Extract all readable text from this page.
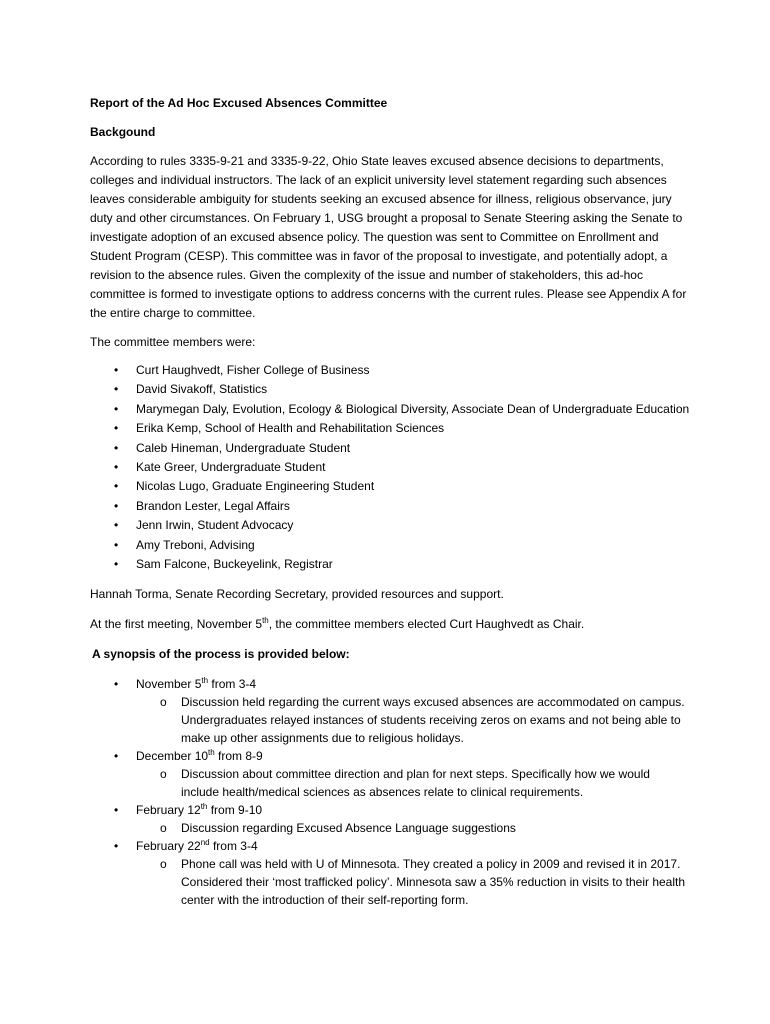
Report of the Ad Hoc Excused Absences Committee

Backgound

According to rules 3335-9-21 and 3335-9-22, Ohio State leaves excused absence decisions to departments, colleges and individual instructors. The lack of an explicit university level statement regarding such absences leaves considerable ambiguity for students seeking an excused absence for illness, religious observance, jury duty and other circumstances. On February 1, USG brought a proposal to Senate Steering asking the Senate to investigate adoption of an excused absence policy. The question was sent to Committee on Enrollment and Student Program (CESP). This committee was in favor of the proposal to investigate, and potentially adopt, a revision to the absence rules. Given the complexity of the issue and number of stakeholders, this ad-hoc committee is formed to investigate options to address concerns with the current rules. Please see Appendix A for the entire charge to committee.

The committee members were:

• Curt Haughvedt, Fisher College of Business
• David Sivakoff, Statistics
• Marymegan Daly, Evolution, Ecology & Biological Diversity, Associate Dean of Undergraduate Education
• Erika Kemp, School of Health and Rehabilitation Sciences
• Caleb Hineman, Undergraduate Student
• Kate Greer, Undergraduate Student
• Nicolas Lugo, Graduate Engineering Student
• Brandon Lester, Legal Affairs
• Jenn Irwin, Student Advocacy
• Amy Treboni, Advising
• Sam Falcone, Buckeyelink, Registrar

Hannah Torma, Senate Recording Secretary, provided resources and support.

At the first meeting, November 5th, the committee members elected Curt Haughvedt as Chair.

A synopsis of the process is provided below:

• November 5th from 3-4
o Discussion held regarding the current ways excused absences are accommodated on campus. Undergraduates relayed instances of students receiving zeros on exams and not being able to make up other assignments due to religious holidays.
• December 10th from 8-9
o Discussion about committee direction and plan for next steps. Specifically how we would include health/medical sciences as absences relate to clinical requirements.
• February 12th from 9-10
o Discussion regarding Excused Absence Language suggestions
• February 22nd from 3-4
o Phone call was held with U of Minnesota. They created a policy in 2009 and revised it in 2017. Considered their ‘most trafficked policy’. Minnesota saw a 35% reduction in visits to their health center with the introduction of their self-reporting form.
